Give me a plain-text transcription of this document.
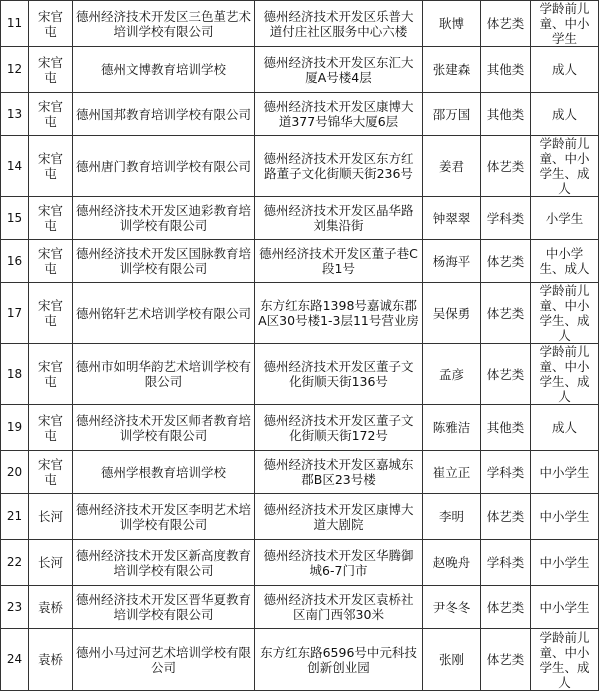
11	宋官屯	德州经济技术开发区三色堇艺术培训学校有限公司	德州经济技术开发区乐普大道付庄社区服务中心六楼	耿博	体艺类	学龄前儿童、中小学生
12	宋官屯	德州文博教育培训学校	德州经济技术开发区东汇大厦A号楼4层	张建森	其他类	成人
13	宋官屯	德州国邦教育培训学校有限公司	德州经济技术开发区康博大道377号锦华大厦6层	邵万国	其他类	成人
14	宋官屯	德州唐门教育培训学校有限公司	德州经济技术开发区东方红路董子文化街顺天街236号	姜君	体艺类	学龄前儿童、中小学生、成人
15	宋官屯	德州经济技术开发区迪彩教育培训学校有限公司	德州经济技术开发区晶华路刘集沿街	钟翠翠	学科类	小学生
16	宋官屯	德州经济技术开发区国脉教育培训学校有限公司	德州经济技术开发区董子巷C段1号	杨海平	体艺类	中小学生、成人
17	宋官屯	德州铭轩艺术培训学校有限公司	东方红东路1398号嘉诚东郡A区30号楼1-3层11号营业房	吴保勇	体艺类	学龄前儿童、中小学生、成人
18	宋官屯	德州市如明华韵艺术培训学校有限公司	德州经济技术开发区董子文化街顺天街136号	孟彦	体艺类	学龄前儿童、中小学生、成人
19	宋官屯	德州经济技术开发区师者教育培训学校有限公司	德州经济技术开发区董子文化街顺天街172号	陈雅洁	其他类	成人
20	宋官屯	德州学根教育培训学校	德州经济技术开发区嘉城东郡B区23号楼	崔立正	学科类	中小学生
21	长河	德州经济技术开发区李明艺术培训学校有限公司	德州经济技术开发区康博大道大剧院	李明	体艺类	中小学生
22	长河	德州经济技术开发区新高度教育培训学校有限公司	德州经济技术开发区华腾御城6-7门市	赵晚舟	学科类	中小学生
23	袁桥	德州经济技术开发区晋华夏教育培训学校有限公司	德州经济技术开发区袁桥社区南门西邻30米	尹冬冬	体艺类	中小学生
24	袁桥	德州小马过河艺术培训学校有限公司	东方红东路6596号中元科技创新创业园	张刚	体艺类	学龄前儿童、中小学生、成人
